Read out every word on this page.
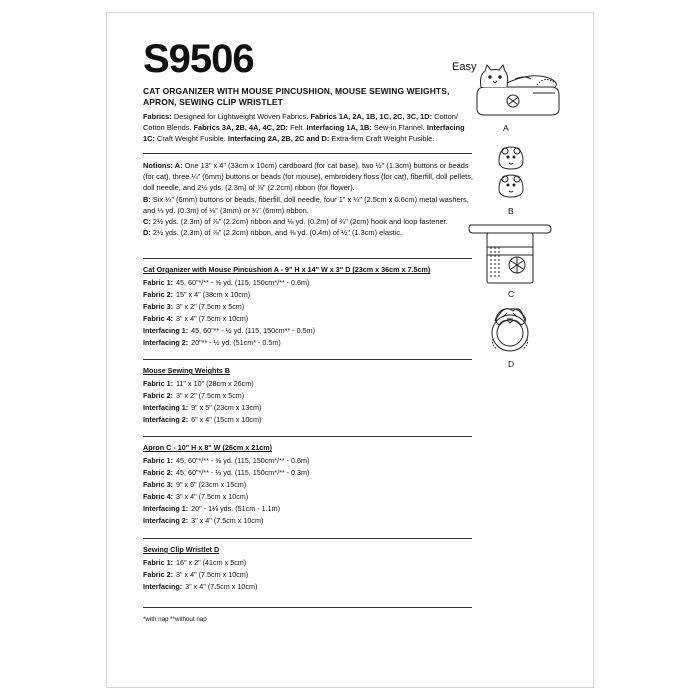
S9506	Easy
CAT ORGANIZER WITH MOUSE PINCUSHION, MOUSE SEWING WEIGHTS, APRON, SEWING CLIP WRISTLET

Fabrics: Designed for Lightweight Woven Fabrics. Fabrics 1A, 2A, 1B, 1C, 2C, 3C, 1D: Cotton/ Cotton Blends. Fabrics 3A, 2B, 4A, 4C, 2D: Felt. Interfacing 1A, 1B: Sew-in Flannel. Interfacing 1C: Craft Weight Fusible. Interfacing 2A, 2B, 2C and D: Extra-firm Craft Weight Fusible.

Notions: A: One 13" x 4" (33cm x 10cm) cardboard (for cat base), two ½" (1.3cm) buttons or beads (for cat), three ¼" (6mm) buttons or beads (for mouse), embroidery floss (for cat), fiberfill, doll pellets, doll needle, and 2½ yds. (2.3m) of ⅞" (2.2cm) ribbon (for flower).

B: Six ¼" (6mm) buttons or beads, fiberfill, doll needle, four 1" x ¼" (2.5cm x 0.6cm) metal washers, and ⅓ yd. (0.3m) of ⅛" (3mm) or ¼" (6mm) ribbon.

C: 2½ yds. (2.3m) of ⅞" (2.2cm) ribbon and ⅛ yd. (0.2m) of ¾" (2cm) hook and loop fastener.

D: 2½ yds. (2.3m) of ⅞" (2.2cm) ribbon, and ⅜ yd. (0.4m) of ½" (1.3cm) elastic.

Cat Organizer with Mouse Pincushion A - 9" H x 14" W x 3" D (23cm x 36cm x 7.5cm)
Fabric 1: 45, 60"*/** - ⅝ yd. (115, 150cm*/** - 0.6m)
Fabric 2: 15" x 4" (38cm x 10cm)
Fabric 3: 3" x 2" (7.5cm x 5cm)
Fabric 4: 3" x 4" (7.5cm x 10cm)
Interfacing 1: 45, 60"** - ½ yd. (115, 150cm** - 0.5m)
Interfacing 2: 20"** - ½ yd. (51cm* - 0.5m)
Mouse Sewing Weights B
Fabric 1: 11" x 10" (28cm x 26cm)
Fabric 2: 3" x 2" (7.5cm x 5cm)
Interfacing 1: 9" x 5" (23cm x 13cm)
Interfacing 2: 6" x 4" (15cm x 10cm)
Apron C - 10" H x 8" W (26cm x 21cm)
Fabric 1: 45, 60"*/** - ⅝ yd. (115, 150cm*/** - 0.6m)
Fabric 2: 45, 60"*/** - ⅓ yd. (115, 150cm*/** - 0.3m)
Fabric 3: 9" x 6" (23cm x 15cm)
Fabric 4: 3" x 4" (7.5cm x 10cm)
Interfacing 1: 20" - 1⅛ yds. (51cm - 1.1m)
Interfacing 2: 3" x 4" (7.5cm x 10cm)
Sewing Clip Wristlet D
Fabric 1: 16" x 2" (41cm x 5cm)
Fabric 2: 3" x 4" (7.5cm x 10cm)
Interfacing: 3" x 4" (7.5cm x 10cm)
*with nap **without nap
A
B
C
D
